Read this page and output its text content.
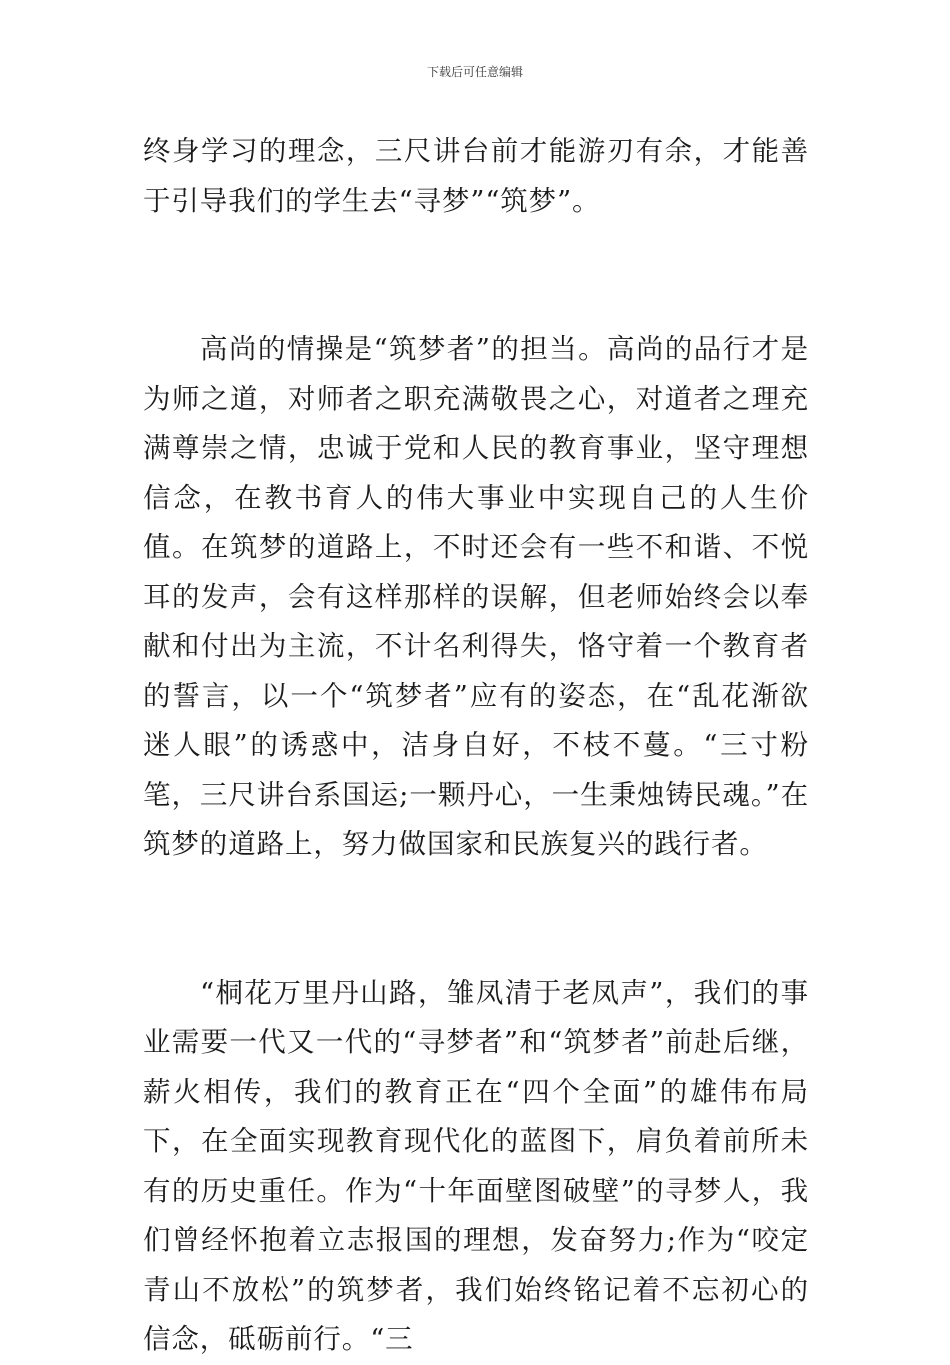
下载后可任意编辑

终身学习的理念，三尺讲台前才能游刃有余，才能善于引导我们的学生去“寻梦”“筑梦”。

高尚的情操是“筑梦者”的担当。高尚的品行才是为师之道，对师者之职充满敬畏之心，对道者之理充满尊崇之情，忠诚于党和人民的教育事业，坚守理想信念，在教书育人的伟大事业中实现自己的人生价值。在筑梦的道路上，不时还会有一些不和谐、不悦耳的发声，会有这样那样的误解，但老师始终会以奉献和付出为主流，不计名利得失，恪守着一个教育者的誓言，以一个“筑梦者”应有的姿态，在“乱花渐欲迷人眼”的诱惑中，洁身自好，不枝不蔓。“三寸粉笔，三尺讲台系国运;一颗丹心，一生秉烛铸民魂。”在筑梦的道路上，努力做国家和民族复兴的践行者。

“桐花万里丹山路，雏凤清于老凤声”，我们的事业需要一代又一代的“寻梦者”和“筑梦者”前赴后继，薪火相传，我们的教育正在“四个全面”的雄伟布局下，在全面实现教育现代化的蓝图下，肩负着前所未有的历史重任。作为“十年面壁图破壁”的寻梦人，我们曾经怀抱着立志报国的理想，发奋努力;作为“咬定青山不放松”的筑梦者，我们始终铭记着不忘初心的信念，砥砺前行。“三
